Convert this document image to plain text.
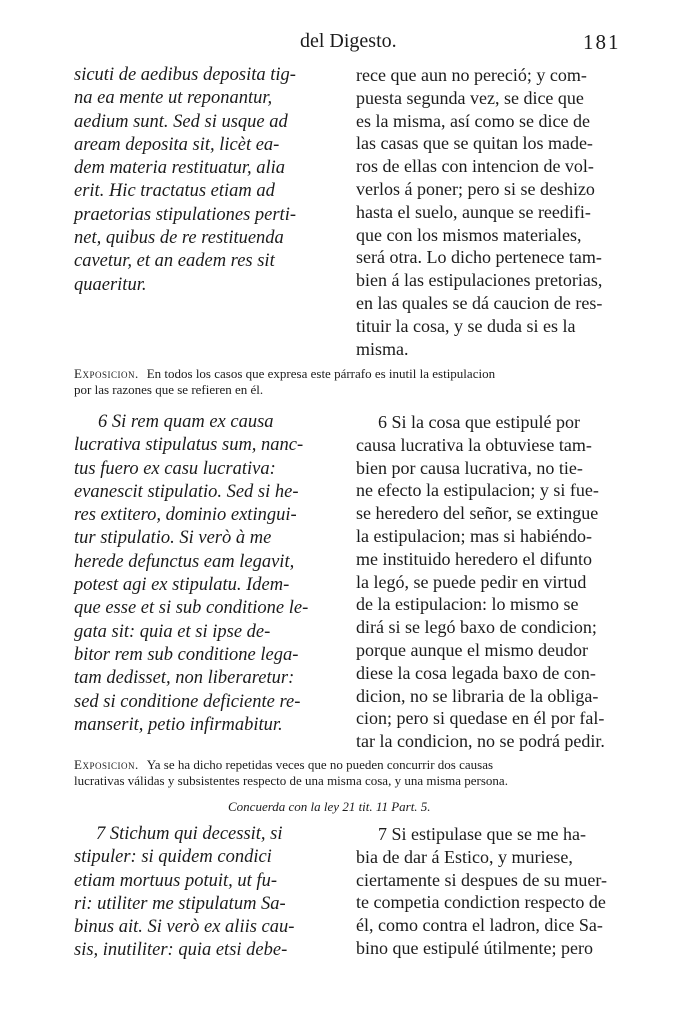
del Digesto.	181
sicuti de aedibus deposita tig-
na ea mente ut reponantur,
aedium sunt. Sed si usque ad
aream deposita sit, licèt ea-
dem materia restituatur, alia
erit. Hic tractatus etiam ad
praetorias stipulationes perti-
net, quibus de re restituenda
cavetur, et an eadem res sit
quaeritur.
rece que aun no pereció; y com-
puesta segunda vez, se dice que
es la misma, así como se dice de
las casas que se quitan los made-
ros de ellas con intencion de vol-
verlos á poner; pero si se deshizo
hasta el suelo, aunque se reedifi-
que con los mismos materiales,
será otra. Lo dicho pertenece tam-
bien á las estipulaciones pretorias,
en las quales se dá caucion de res-
tituir la cosa, y se duda si es la
misma.
Exposicion. En todos los casos que expresa este párrafo es inutil la estipulacion
por las razones que se refieren en él.
6 Si rem quam ex causa
lucrativa stipulatus sum, nanc-
tus fuero ex casu lucrativa:
evanescit stipulatio. Sed si he-
res extitero, dominio extingui-
tur stipulatio. Si verò à me
herede defunctus eam legavit,
potest agi ex stipulatu. Idem-
que esse et si sub conditione le-
gata sit: quia et si ipse de-
bitor rem sub conditione lega-
tam dedisset, non liberaretur:
sed si conditione deficiente re-
manserit, petio infirmabitur.
6 Si la cosa que estipulé por
causa lucrativa la obtuviese tam-
bien por causa lucrativa, no tie-
ne efecto la estipulacion; y si fue-
se heredero del señor, se extingue
la estipulacion; mas si habiéndo-
me instituido heredero el difunto
la legó, se puede pedir en virtud
de la estipulacion: lo mismo se
dirá si se legó baxo de condicion;
porque aunque el mismo deudor
diese la cosa legada baxo de con-
dicion, no se libraria de la obliga-
cion; pero si quedase en él por fal-
tar la condicion, no se podrá pedir.
Exposicion. Ya se ha dicho repetidas veces que no pueden concurrir dos causas
lucrativas válidas y subsistentes respecto de una misma cosa, y una misma persona.
Concuerda con la ley 21 tit. 11 Part. 5.
7 Stichum qui decessit, si
stipuler: si quidem condici
etiam mortuus potuit, ut fu-
ri: utiliter me stipulatum Sa-
binus ait. Si verò ex aliis cau-
sis, inutiliter: quia etsi debe-
7 Si estipulase que se me ha-
bia de dar á Estico, y muriese,
ciertamente si despues de su muer-
te competia condiction respecto de
él, como contra el ladron, dice Sa-
bino que estipulé útilmente; pero
